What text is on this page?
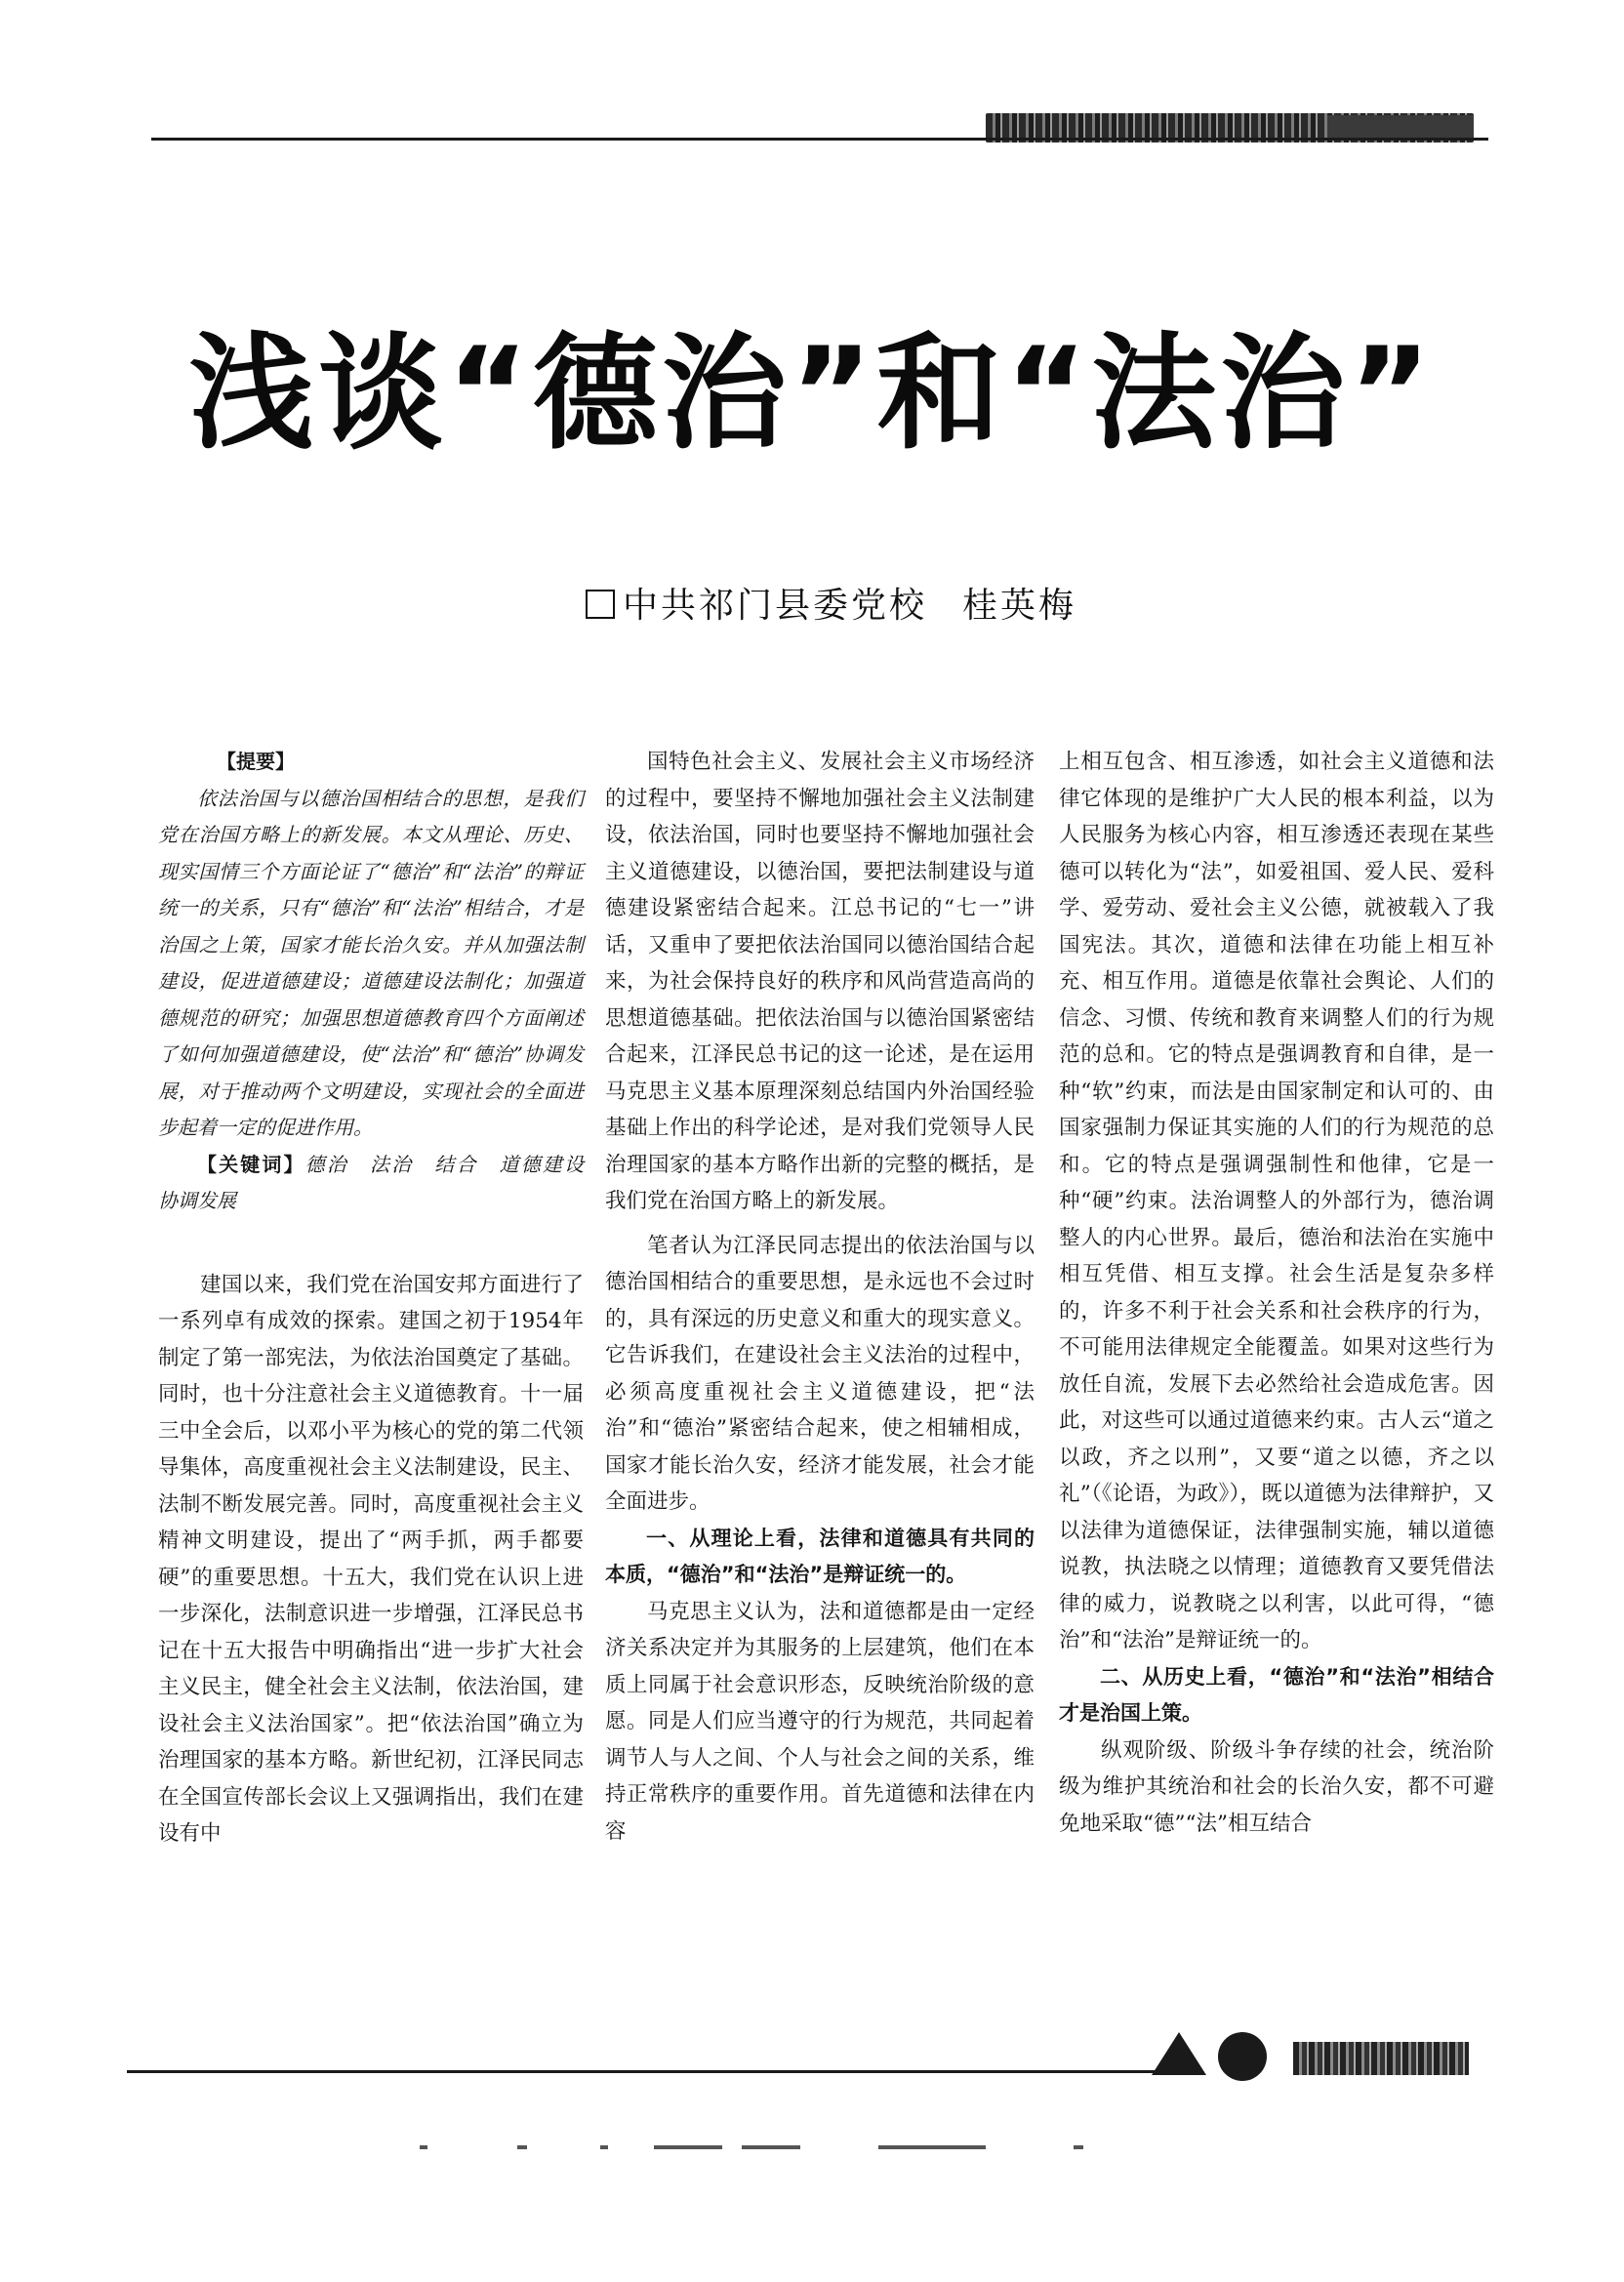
浅谈“德治”和“法治”
中共祁门县委党校 桂英梅
【提要】

依法治国与以德治国相结合的思想，是我们党在治国方略上的新发展。本文从理论、历史、现实国情三个方面论证了“德治”和“法治”的辩证统一的关系，只有“德治”和“法治”相结合，才是治国之上策，国家才能长治久安。并从加强法制建设，促进道德建设；道德建设法制化；加强道德规范的研究；加强思想道德教育四个方面阐述了如何加强道德建设，使“法治”和“德治”协调发展，对于推动两个文明建设，实现社会的全面进步起着一定的促进作用。

【关键词】德治　法治　结合　道德建设　协调发展

建国以来，我们党在治国安邦方面进行了一系列卓有成效的探索。建国之初于1954年制定了第一部宪法，为依法治国奠定了基础。同时，也十分注意社会主义道德教育。十一届三中全会后，以邓小平为核心的党的第二代领导集体，高度重视社会主义法制建设，民主、法制不断发展完善。同时，高度重视社会主义精神文明建设，提出了“两手抓，两手都要硬”的重要思想。十五大，我们党在认识上进一步深化，法制意识进一步增强，江泽民总书记在十五大报告中明确指出“进一步扩大社会主义民主，健全社会主义法制，依法治国，建设社会主义法治国家”。把“依法治国”确立为治理国家的基本方略。新世纪初，江泽民同志在全国宣传部长会议上又强调指出，我们在建设有中

国特色社会主义、发展社会主义市场经济的过程中，要坚持不懈地加强社会主义法制建设，依法治国，同时也要坚持不懈地加强社会主义道德建设，以德治国，要把法制建设与道德建设紧密结合起来。江总书记的“七一”讲话，又重申了要把依法治国同以德治国结合起来，为社会保持良好的秩序和风尚营造高尚的思想道德基础。把依法治国与以德治国紧密结合起来，江泽民总书记的这一论述，是在运用马克思主义基本原理深刻总结国内外治国经验基础上作出的科学论述，是对我们党领导人民治理国家的基本方略作出新的完整的概括，是我们党在治国方略上的新发展。

笔者认为江泽民同志提出的依法治国与以德治国相结合的重要思想，是永远也不会过时的，具有深远的历史意义和重大的现实意义。它告诉我们，在建设社会主义法治的过程中，必须高度重视社会主义道德建设，把“法治”和“德治”紧密结合起来，使之相辅相成，国家才能长治久安，经济才能发展，社会才能全面进步。

一、从理论上看，法律和道德具有共同的本质，“德治”和“法治”是辩证统一的。

马克思主义认为，法和道德都是由一定经济关系决定并为其服务的上层建筑，他们在本质上同属于社会意识形态，反映统治阶级的意愿。同是人们应当遵守的行为规范，共同起着调节人与人之间、个人与社会之间的关系，维持正常秩序的重要作用。首先道德和法律在内容

上相互包含、相互渗透，如社会主义道德和法律它体现的是维护广大人民的根本利益，以为人民服务为核心内容，相互渗透还表现在某些德可以转化为“法”，如爱祖国、爱人民、爱科学、爱劳动、爱社会主义公德，就被载入了我国宪法。其次，道德和法律在功能上相互补充、相互作用。道德是依靠社会舆论、人们的信念、习惯、传统和教育来调整人们的行为规范的总和。它的特点是强调教育和自律，是一种“软”约束，而法是由国家制定和认可的、由国家强制力保证其实施的人们的行为规范的总和。它的特点是强调强制性和他律，它是一种“硬”约束。法治调整人的外部行为，德治调整人的内心世界。最后，德治和法治在实施中相互凭借、相互支撑。社会生活是复杂多样的，许多不利于社会关系和社会秩序的行为，不可能用法律规定全能覆盖。如果对这些行为放任自流，发展下去必然给社会造成危害。因此，对这些可以通过道德来约束。古人云“道之以政，齐之以刑”，又要“道之以德，齐之以礼”（《论语，为政》），既以道德为法律辩护，又以法律为道德保证，法律强制实施，辅以道德说教，执法晓之以情理；道德教育又要凭借法律的威力，说教晓之以利害，以此可得，“德治”和“法治”是辩证统一的。

二、从历史上看，“德治”和“法治”相结合才是治国上策。

纵观阶级、阶级斗争存续的社会，统治阶级为维护其统治和社会的长治久安，都不可避免地采取“德”“法”相互结合
